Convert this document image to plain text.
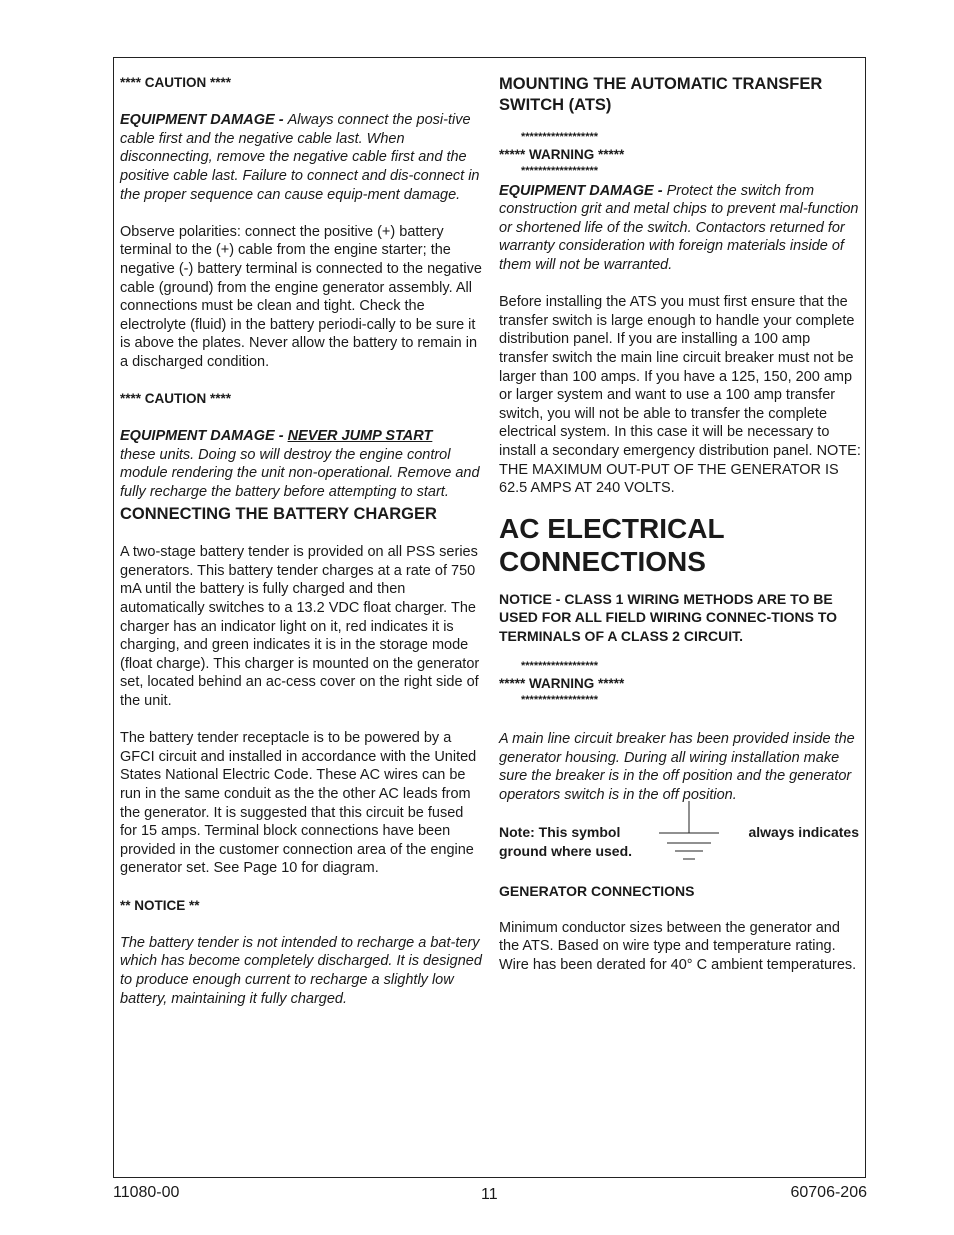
**** CAUTION ****

EQUIPMENT DAMAGE - Always connect the posi-tive cable first and the negative cable last. When disconnecting, remove the negative cable first and the positive cable last. Failure to connect and dis-connect in the proper sequence can cause equip-ment damage.

Observe polarities: connect the positive (+) battery terminal to the (+) cable from the engine starter; the negative (-) battery terminal is connected to the negative cable (ground) from the engine generator assembly. All connections must be clean and tight. Check the electrolyte (fluid) in the battery periodi-cally to be sure it is above the plates. Never allow the battery to remain in a discharged condition.

**** CAUTION ****

EQUIPMENT DAMAGE - NEVER JUMP START
these units. Doing so will destroy the engine control module rendering the unit non-operational. Remove and fully recharge the battery before attempting to start.

CONNECTING THE BATTERY CHARGER

A two-stage battery tender is provided on all PSS series generators. This battery tender charges at a rate of 750 mA until the battery is fully charged and then automatically switches to a 13.2 VDC float charger. The charger has an indicator light on it, red indicates it is charging, and green indicates it is in the storage mode (float charge). This charger is mounted on the generator set, located behind an ac-cess cover on the right side of the unit.

The battery tender receptacle is to be powered by a GFCI circuit and installed in accordance with the United States National Electric Code. These AC wires can be run in the same conduit as the the other AC leads from the generator. It is suggested that this circuit be fused for 15 amps. Terminal block connections have been provided in the customer connection area of the engine generator set. See Page 10 for diagram.

** NOTICE **

The battery tender is not intended to recharge a bat-tery which has become completely discharged. It is designed to produce enough current to recharge a slightly low battery, maintaining it fully charged.

MOUNTING THE AUTOMATIC TRANSFER SWITCH (ATS)

******************

***** WARNING *****

******************

EQUIPMENT DAMAGE - Protect the switch from construction grit and metal chips to prevent mal-function or shortened life of the switch. Contactors returned for warranty consideration with foreign materials inside of them will not be warranted.

Before installing the ATS you must first ensure that the transfer switch is large enough to handle your complete distribution panel. If you are installing a 100 amp transfer switch the main line circuit breaker must not be larger than 100 amps. If you have a 125, 150, 200 amp or larger system and want to use a 100 amp transfer switch, you will not be able to transfer the complete electrical system. In this case it will be necessary to install a secondary emergency distribution panel. NOTE: THE MAXIMUM OUT-PUT OF THE GENERATOR IS 62.5 AMPS AT 240 VOLTS.

AC ELECTRICAL CONNECTIONS

NOTICE - CLASS 1 WIRING METHODS ARE TO BE USED FOR ALL FIELD WIRING CONNEC-TIONS TO TERMINALS OF A CLASS 2 CIRCUIT.

******************

***** WARNING *****

******************

A main line circuit breaker has been provided inside the generator housing. During all wiring installation make sure the breaker is in the off position and the generator operators switch is in the off position.

Note: This symbol
ground where used.
always indicates

GENERATOR CONNECTIONS

Minimum conductor sizes between the generator and the ATS. Based on wire type and temperature rating. Wire has been derated for 40° C ambient temperatures.

11080-00	11	60706-206
